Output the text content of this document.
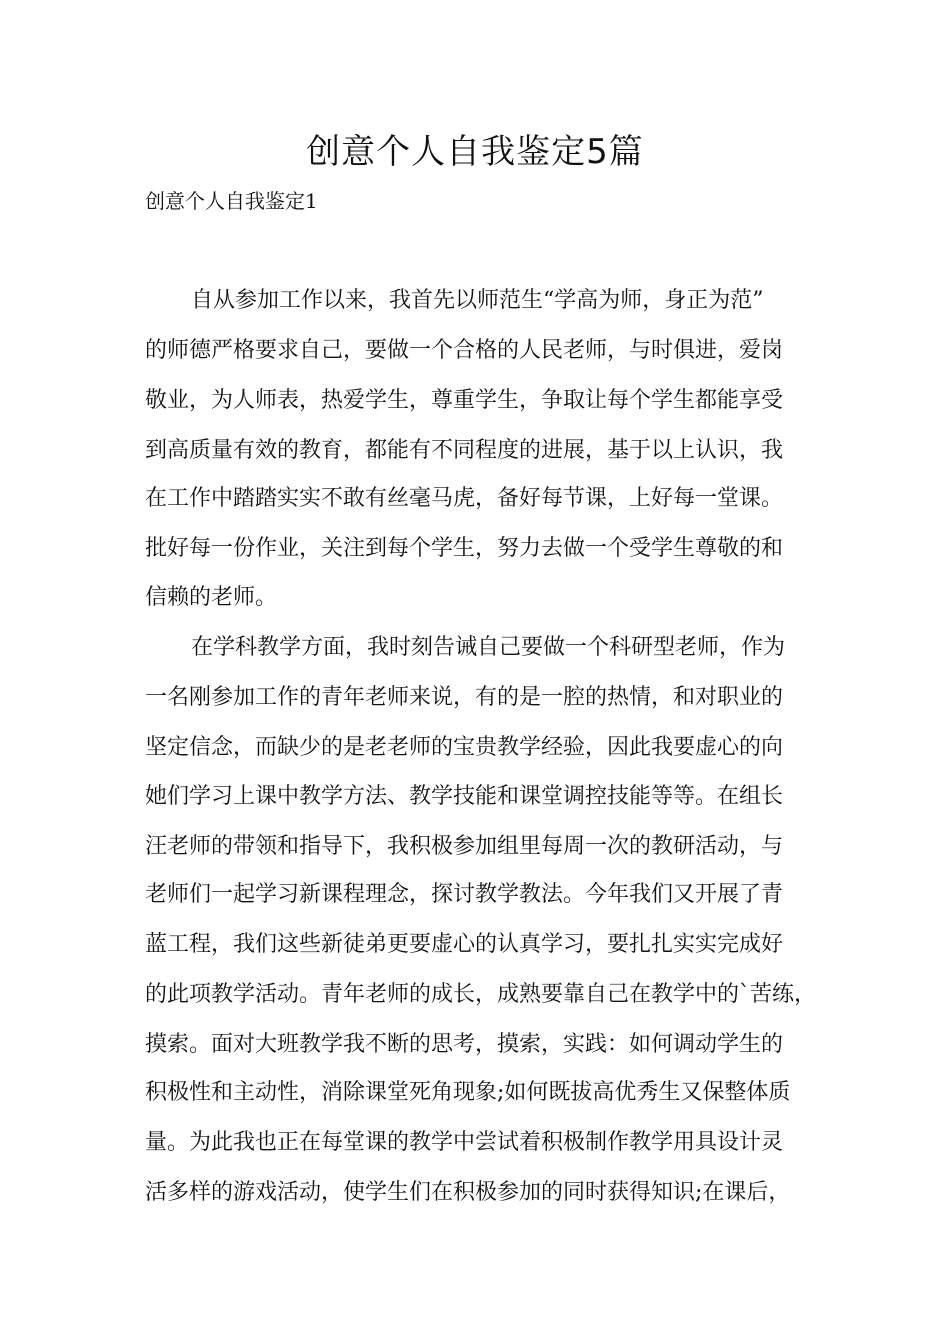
创意个人自我鉴定5篇

创意个人自我鉴定1

自从参加工作以来，我首先以师范生“学高为师，身正为范”

的师德严格要求自己，要做一个合格的人民老师，与时俱进，爱岗

敬业，为人师表，热爱学生，尊重学生，争取让每个学生都能享受

到高质量有效的教育，都能有不同程度的进展，基于以上认识，我

在工作中踏踏实实不敢有丝毫马虎，备好每节课，上好每一堂课。

批好每一份作业，关注到每个学生，努力去做一个受学生尊敬的和

信赖的老师。

在学科教学方面，我时刻告诫自己要做一个科研型老师，作为

一名刚参加工作的青年老师来说，有的是一腔的热情，和对职业的

坚定信念，而缺少的是老老师的宝贵教学经验，因此我要虚心的向

她们学习上课中教学方法、教学技能和课堂调控技能等等。在组长

汪老师的带领和指导下，我积极参加组里每周一次的教研活动，与

老师们一起学习新课程理念，探讨教学教法。今年我们又开展了青

蓝工程，我们这些新徒弟更要虚心的认真学习，要扎扎实实完成好

的此项教学活动。青年老师的成长，成熟要靠自己在教学中的`苦练，

摸索。面对大班教学我不断的思考，摸索，实践：如何调动学生的

积极性和主动性，消除课堂死角现象;如何既拔高优秀生又保整体质

量。为此我也正在每堂课的教学中尝试着积极制作教学用具设计灵

活多样的游戏活动，使学生们在积极参加的同时获得知识;在课后，
